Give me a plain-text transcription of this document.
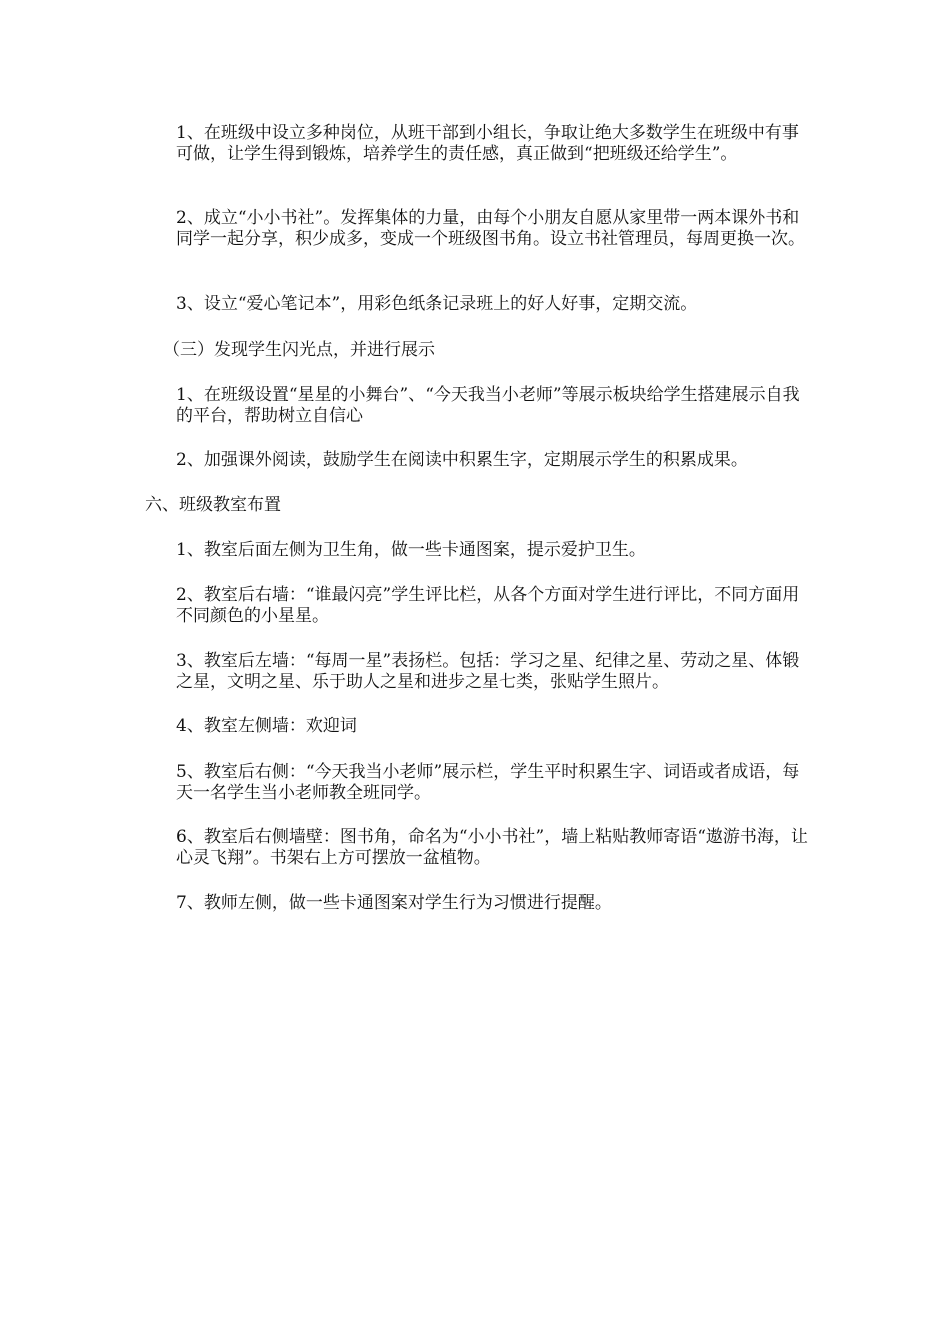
1、在班级中设立多种岗位，从班干部到小组长，争取让绝大多数学生在班级中有事可做，让学生得到锻炼，培养学生的责任感，真正做到“把班级还给学生”。

2、成立“小小书社”。发挥集体的力量，由每个小朋友自愿从家里带一两本课外书和同学一起分享，积少成多，变成一个班级图书角。设立书社管理员，每周更换一次。

3、设立“爱心笔记本”，用彩色纸条记录班上的好人好事，定期交流。

（三）发现学生闪光点，并进行展示

1、在班级设置“星星的小舞台”、“今天我当小老师”等展示板块给学生搭建展示自我的平台，帮助树立自信心

2、加强课外阅读，鼓励学生在阅读中积累生字，定期展示学生的积累成果。

六、班级教室布置

1、教室后面左侧为卫生角，做一些卡通图案，提示爱护卫生。

2、教室后右墙：“谁最闪亮”学生评比栏，从各个方面对学生进行评比，不同方面用不同颜色的小星星。

3、教室后左墙：“每周一星”表扬栏。包括：学习之星、纪律之星、劳动之星、体锻之星，文明之星、乐于助人之星和进步之星七类，张贴学生照片。

4、教室左侧墙：欢迎词

5、教室后右侧：“今天我当小老师”展示栏，学生平时积累生字、词语或者成语，每天一名学生当小老师教全班同学。

6、教室后右侧墙壁：图书角，命名为“小小书社”，墙上粘贴教师寄语“遨游书海，让心灵飞翔”。书架右上方可摆放一盆植物。

7、教师左侧，做一些卡通图案对学生行为习惯进行提醒。
